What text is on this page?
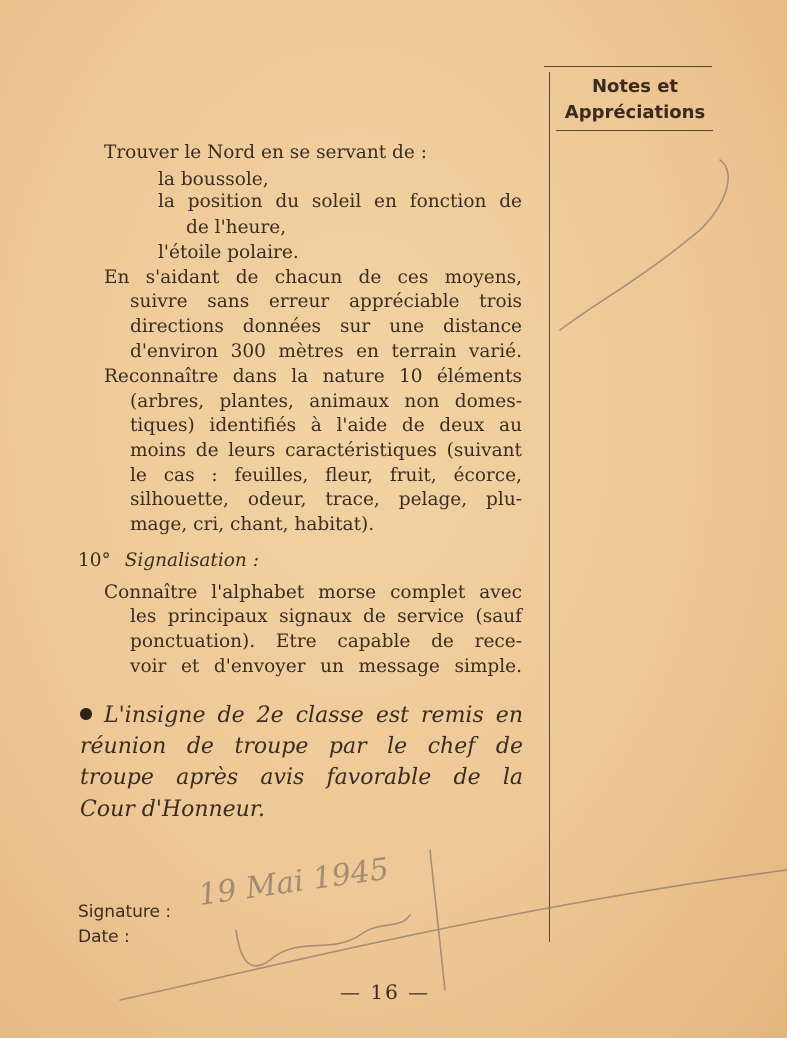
Notes et
Appréciations
Trouver le Nord en se servant de :
la boussole,
la position du soleil en fonction de
de l'heure,
l'étoile polaire.
En s'aidant de chacun de ces moyens,
suivre sans erreur appréciable trois
directions données sur une distance
d'environ 300 mètres en terrain varié.
Reconnaître dans la nature 10 éléments
(arbres, plantes, animaux non domes-
tiques) identifiés à l'aide de deux au
moins de leurs caractéristiques (suivant
le cas : feuilles, fleur, fruit, écorce,
silhouette, odeur, trace, pelage, plu-
mage, cri, chant, habitat).
10° Signalisation :
Connaître l'alphabet morse complet avec
les principaux signaux de service (sauf
ponctuation). Etre capable de rece-
voir et d'envoyer un message simple.
L'insigne de 2e classe est remis en
réunion de troupe par le chef de
troupe après avis favorable de la
Cour d'Honneur.
Signature :
Date :
— 16 —
19 Mai 1945
